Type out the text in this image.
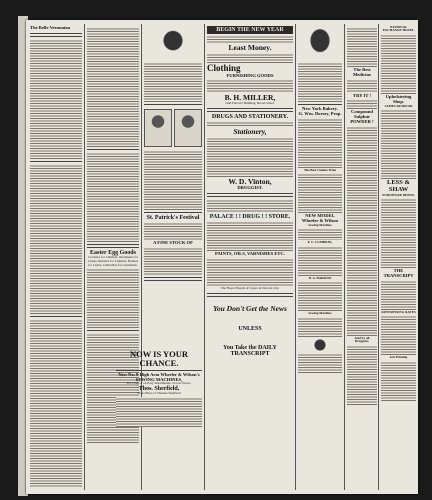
The Belle Vernonian
Easter Egg Goods
Crockery for Children. Ornaments for Ladies. Rubbers for Children. Baskets for Ladies. Umbrellas for Gentlemen.
St. Patrick's Festival
A FINE STOCK OF
NOW IS YOUR CHANCE.
New No. 9 High Arm Wheeler & Wilson's SEWING MACHINES,
For Cash or on Easy Installments, at Low Prices.
Thos. Sherfield,
Plaza Place of Thomas Sherfield
BEGIN THE NEW YEAR
Least Money.
Clothing
FURNISHING GOODS
B. H. MILLER,
Odd Fellows' Building, Broad Street.
DRUGS AND STATIONERY.
Stationery,
W. D. Vinton,
DRUGGIST.
PALACE ! ! DRUG ! ! STORE.
PAINTS, OILS, VARNISHES ETC.
The Finest Brands of Cigars in Nevada City.
You Don't Get the News
UNLESS
You Take the DAILY TRANSCRIPT
New York Bakery.
G. Wm. Dorsey, Prop.
The Best Clothes Wine
NEW MODEL
Wheeler & Wilson
Sewing Machine
F. C. LUMBKIN,
D. A. BARMAN
Sewing Machine
The Best Medicine
TRY IT !
Compound Sulphur
POWDER !
Sold by all Druggists.
NATIONAL EXCHANGE HOTEL
Upholstering Shop.
JAMES KINKEAD
LESS & SHAW
FURNITURE DEPOT,
THE TRANSCRIPT
ADVERTISING RATES
Job Printing
